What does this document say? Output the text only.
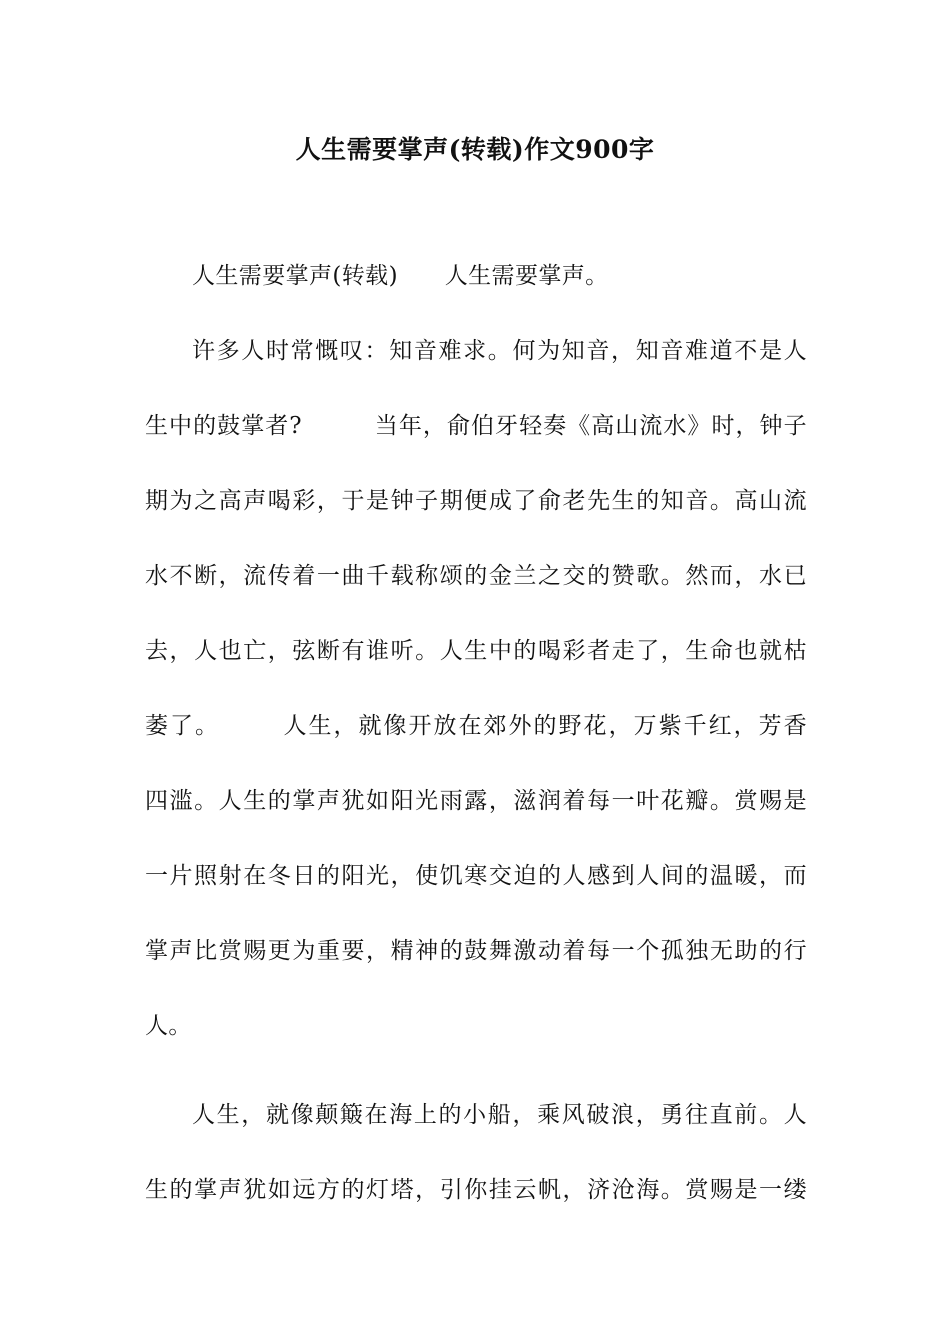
人生需要掌声(转载)作文900字
人生需要掌声(转载)　　人生需要掌声。
许多人时常慨叹：知音难求。何为知音，知音难道不是人
生中的鼓掌者?　　　当年，俞伯牙轻奏《高山流水》时，钟子
期为之高声喝彩，于是钟子期便成了俞老先生的知音。高山流
水不断，流传着一曲千载称颂的金兰之交的赞歌。然而，水已
去，人也亡，弦断有谁听。人生中的喝彩者走了，生命也就枯
萎了。　　　人生，就像开放在郊外的野花，万紫千红，芳香
四滥。人生的掌声犹如阳光雨露，滋润着每一叶花瓣。赏赐是
一片照射在冬日的阳光，使饥寒交迫的人感到人间的温暖，而
掌声比赏赐更为重要，精神的鼓舞激动着每一个孤独无助的行
人。
人生，就像颠簸在海上的小船，乘风破浪，勇往直前。人
生的掌声犹如远方的灯塔，引你挂云帆，济沧海。赏赐是一缕
